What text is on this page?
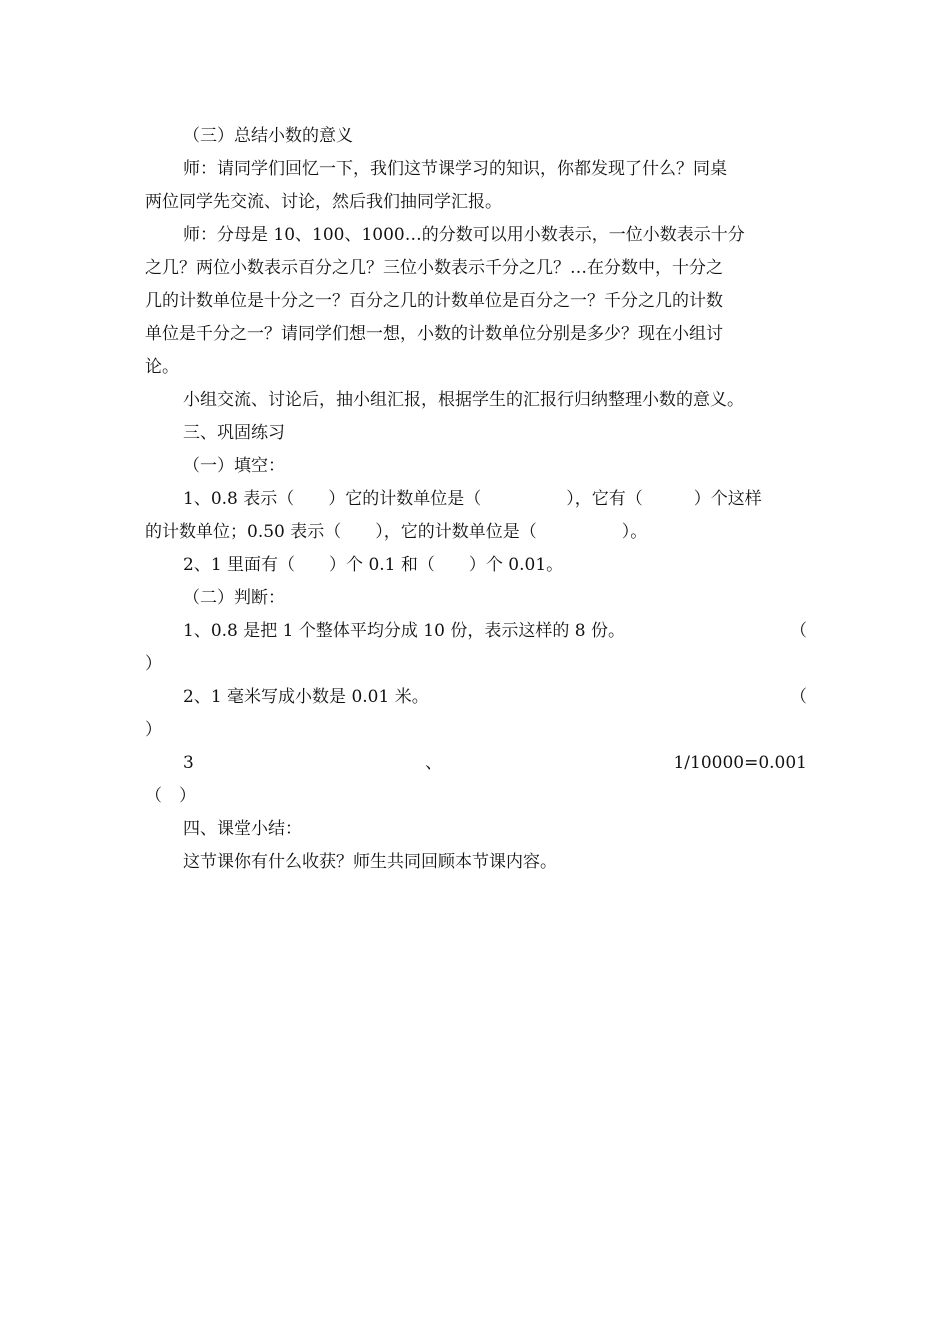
（三）总结小数的意义
师：请同学们回忆一下，我们这节课学习的知识，你都发现了什么？同桌
两位同学先交流、讨论，然后我们抽同学汇报。
师：分母是 10、100、1000…的分数可以用小数表示，一位小数表示十分
之几？两位小数表示百分之几？三位小数表示千分之几？…在分数中，十分之
几的计数单位是十分之一？百分之几的计数单位是百分之一？千分之几的计数
单位是千分之一？请同学们想一想，小数的计数单位分别是多少？现在小组讨
论。
小组交流、讨论后，抽小组汇报，根据学生的汇报行归纳整理小数的意义。
三、巩固练习
（一）填空：
1、0.8 表示（　　）它的计数单位是（　　　　　），它有（　　　）个这样
的计数单位；0.50 表示（　　），它的计数单位是（　　　　　）。
2、1 里面有（　　）个 0.1 和（　　）个 0.01。
（二）判断：
1、0.8 是把 1 个整体平均分成 10 份，表示这样的 8 份。	（
）
2、1 毫米写成小数是 0.01 米。	（
）
3	、	1/10000=0.001
（　）
四、课堂小结：
这节课你有什么收获？师生共同回顾本节课内容。
